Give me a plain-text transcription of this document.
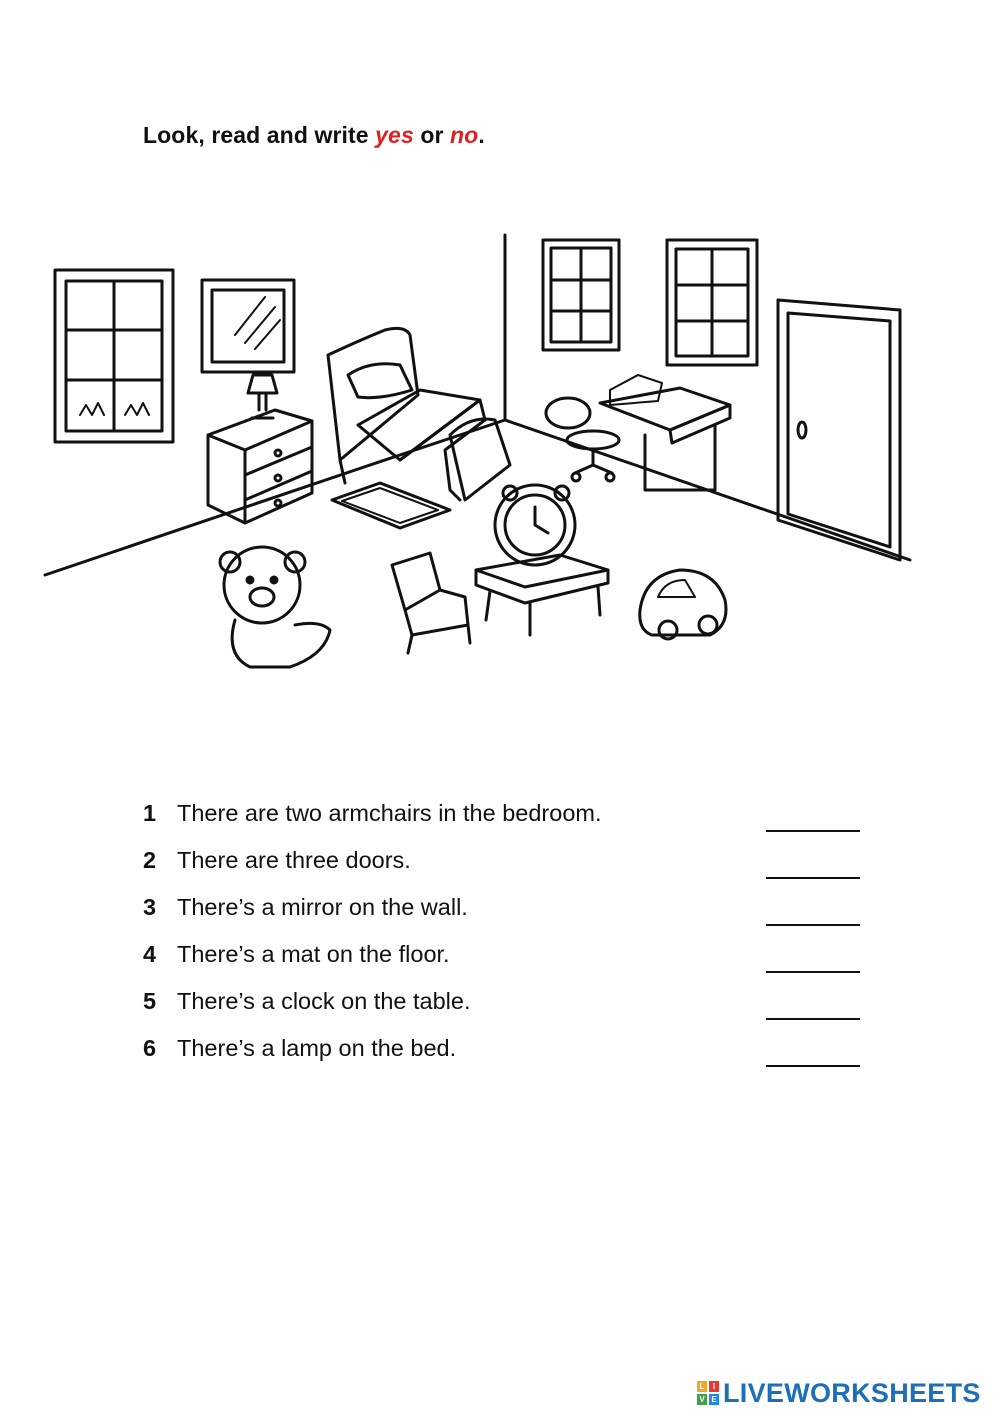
Look, read and write yes or no.
1 There are two armchairs in the bedroom.
2 There are three doors.
3 There’s a mirror on the wall.
4 There’s a mat on the floor.
5 There’s a clock on the table.
6 There’s a lamp on the bed.
L	I
V E LIVEWORKSHEETS
